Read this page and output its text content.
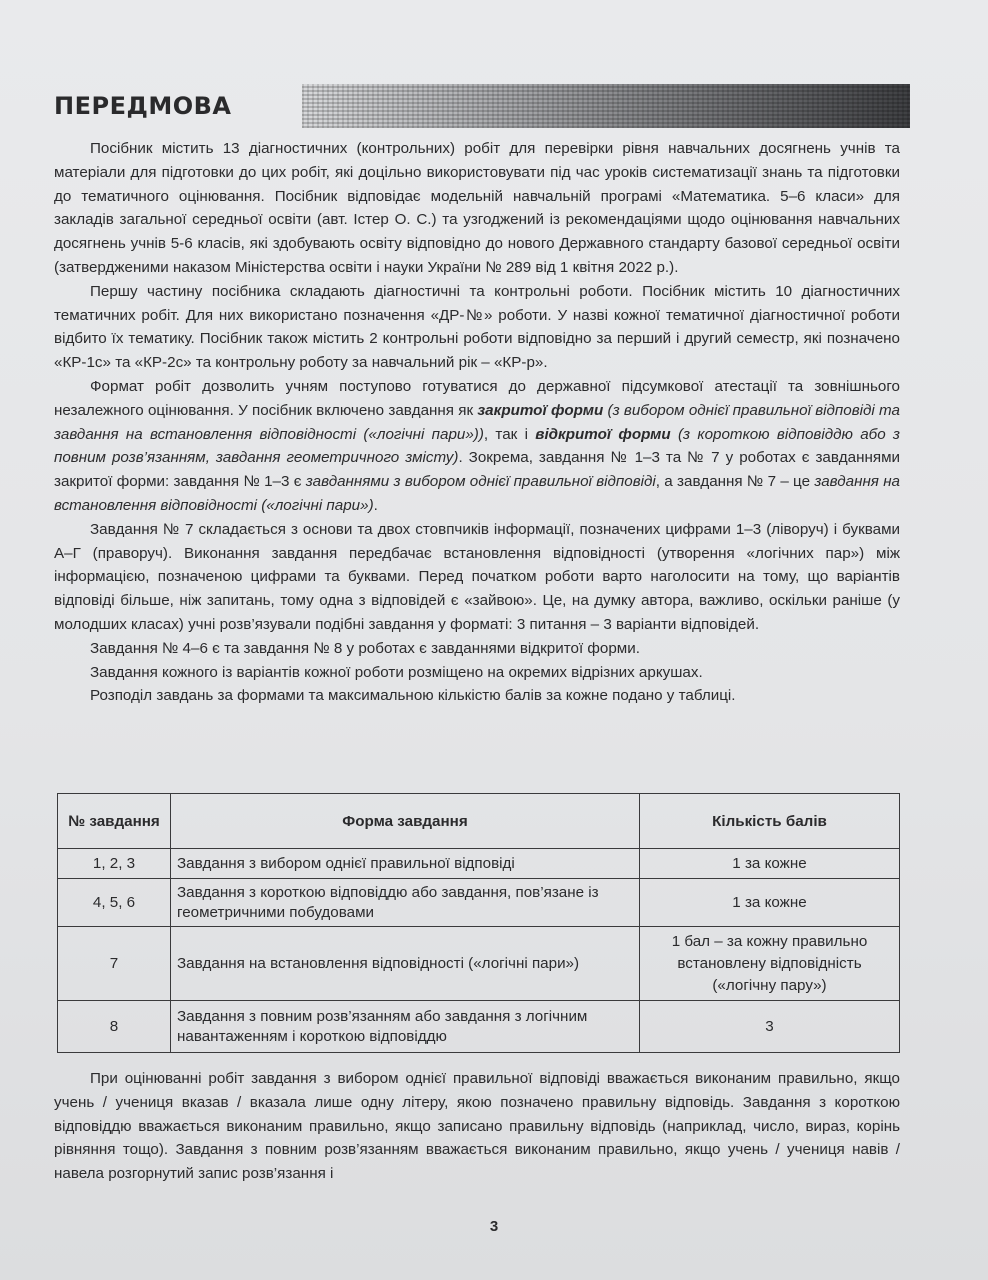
ПЕРЕДМОВА

Посібник містить 13 діагностичних (контрольних) робіт для перевірки рівня навчальних досягнень учнів та матеріали для підготовки до цих робіт, які доцільно використовувати під час уроків систематизації знань та підготовки до тематичного оцінювання. Посібник відповідає модельній навчальній програмі «Математика. 5–6 класи» для закладів загальної середньої освіти (авт. Істер О. С.) та узгоджений із рекомендаціями щодо оцінювання навчальних досягнень учнів 5-6 класів, які здобувають освіту відповідно до нового Державного стандарту базової середньої освіти (затвердженими наказом Міністерства освіти і науки України № 289 від 1 квітня 2022 р.).

Першу частину посібника складають діагностичні та контрольні роботи. Посібник містить 10 діагностичних тематичних робіт. Для них використано позначення «ДР-№» роботи. У назві кожної тематичної діагностичної роботи відбито їх тематику. Посібник також містить 2 контрольні роботи відповідно за перший і другий семестр, які позначено «КР-1с» та «КР-2с» та контрольну роботу за навчальний рік – «КР-р».

Формат робіт дозволить учням поступово готуватися до державної підсумкової атестації та зовнішнього незалежного оцінювання. У посібник включено завдання як закритої форми (з вибором однієї правильної відповіді та завдання на встановлення відповідності («логічні пари»)), так і відкритої форми (з короткою відповіддю або з повним розв’язанням, завдання геометричного змісту). Зокрема, завдання № 1–3 та № 7 у роботах є завданнями закритої форми: завдання № 1–3 є завданнями з вибором однієї правильної відповіді, а завдання № 7 – це завдання на встановлення відповідності («логічні пари»).

Завдання № 7 складається з основи та двох стовпчиків інформації, позначених цифрами 1–3 (ліворуч) і буквами А–Г (праворуч). Виконання завдання передбачає встановлення відповідності (утворення «логічних пар») між інформацією, позначеною цифрами та буквами. Перед початком роботи варто наголосити на тому, що варіантів відповіді більше, ніж запитань, тому одна з відповідей є «зайвою». Це, на думку автора, важливо, оскільки раніше (у молодших класах) учні розв’язували подібні завдання у форматі: 3 питання – 3 варіанти відповідей.

Завдання № 4–6 є та завдання № 8 у роботах є завданнями відкритої форми.

Завдання кожного із варіантів кожної роботи розміщено на окремих відрізних аркушах.

Розподіл завдань за формами та максимальною кількістю балів за кожне подано у таблиці.

№ завдання	Форма завдання	Кількість балів
1, 2, 3	Завдання з вибором однієї правильної відповіді	1 за кожне
4, 5, 6	Завдання з короткою відповіддю або завдання, пов’язане із геометричними побудовами	1 за кожне
7	Завдання на встановлення відповідності («логічні пари»)	1 бал – за кожну правильно встановлену відповідність («логічну пару»)
8	Завдання з повним розв’язанням або завдання з логічним навантаженням і короткою відповіддю	3

При оцінюванні робіт завдання з вибором однієї правильної відповіді вважається виконаним правильно, якщо учень / учениця вказав / вказала лише одну літеру, якою позначено правильну відповідь. Завдання з короткою відповіддю вважається виконаним правильно, якщо записано правильну відповідь (наприклад, число, вираз, корінь рівняння тощо). Завдання з повним розв’язанням вважається виконаним правильно, якщо учень / учениця навів / навела розгорнутий запис розв’язання і

3
